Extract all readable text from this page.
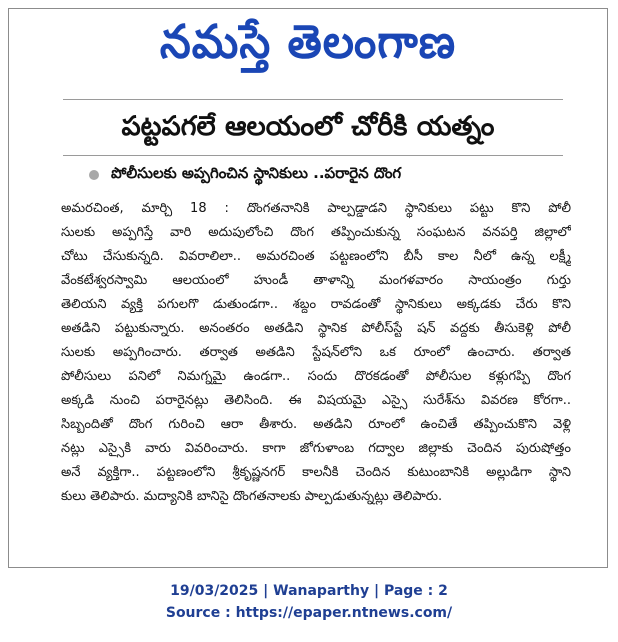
నమస్తే తెలంగాణ
పట్టపగలే ఆలయంలో చోరీకి యత్నం
పోలీసులకు అప్పగించిన స్థానికులు ..పరారైన దొంగ
అమరచింత, మార్చి 18 : దొంగతనానికి పాల్పడ్డాడని స్థానికులు పట్టు కొని పోలీ
సులకు అప్పగిస్తే వారి అదుపులోంచి దొంగ తప్పించుకున్న సంఘటన వనపర్తి జిల్లాలో
చోటు చేసుకున్నది. వివరాలిలా.. అమరచింత పట్టణంలోని బీసీ కాల నీలో ఉన్న లక్ష్మీ
వేంకటేశ్వరస్వామి ఆలయంలో హుండీ తాళాన్ని మంగళవారం సాయంత్రం గుర్తు
తెలియని వ్యక్తి పగులగొ డుతుండగా.. శబ్దం రావడంతో స్థానికులు అక్కడకు చేరు కొని
అతడిని పట్టుకున్నారు. అనంతరం అతడిని స్థానిక పోలీస్‌స్టే షన్ వద్దకు తీసుకెళ్లి పోలీ
సులకు అప్పగించారు. తర్వాత అతడిని స్టేషన్‌లోని ఒక రూంలో ఉంచారు. తర్వాత
పోలీసులు పనిలో నిమగ్నమై ఉండగా.. సందు దొరకడంతో పోలీసుల కళ్లుగప్పి దొంగ
అక్కడి నుంచి పరారైనట్లు తెలిసింది. ఈ విషయమై ఎస్సై సురేశ్‌ను వివరణ కోరగా..
సిబ్బందితో దొంగ గురించి ఆరా తీశారు. అతడిని రూంలో ఉంచితే తప్పించుకొని వెళ్లి
నట్లు ఎస్సైకి వారు వివరించారు. కాగా జోగుళాంబ గద్వాల జిల్లాకు చెందిన పురుషోత్తం
అనే వ్యక్తిగా.. పట్టణంలోని శ్రీకృష్ణనగర్ కాలనీకి చెందిన కుటుంబానికి అల్లుడిగా స్థాని
కులు తెలిపారు. మద్యానికి బానిసై దొంగతనాలకు పాల్పడుతున్నట్లు తెలిపారు.
19/03/2025 | Wanaparthy | Page : 2
Source : https://epaper.ntnews.com/
